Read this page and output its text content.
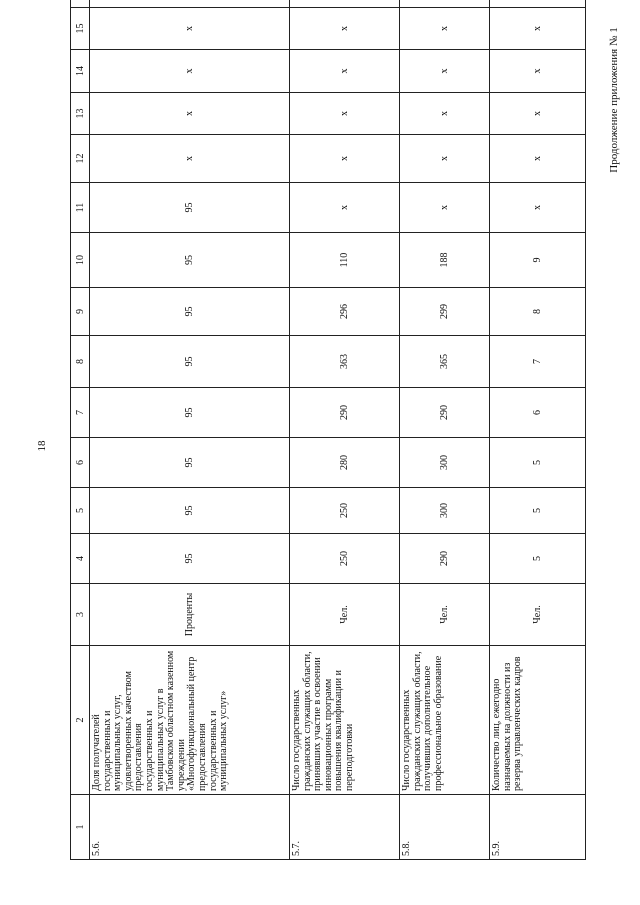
18
Продолжение приложения № 1
1	2	3	4	5	6	7	8	9	10	11	12	13	14	15	
5.6.	Доля получателей государственных и муниципальных услуг, удовлетворенных качеством предоставления государственных и муниципальных услуг в Тамбовском областном казенном учреждении «Многофункциональный центр предоставления государственных и муниципальных услуг»	Проценты	95	95	95	95	95	95	95	95	х	х	х	х	
5.7.	Число государственных гражданских служащих области, принявших участие в освоении инновационных программ повышения квалификации и переподготовки	Чел.	250	250	280	290	363	296	110	х	х	х	х	х	
5.8.	Число государственных гражданских служащих области, получивших дополнительное профессиональное образование	Чел.	290	300	300	290	365	299	188	х	х	х	х	х	
5.9.	Количество лиц, ежегодно назначаемых на должности из резерва управленческих кадров	Чел.	5	5	5	6	7	8	9	х	х	х	х	х	
